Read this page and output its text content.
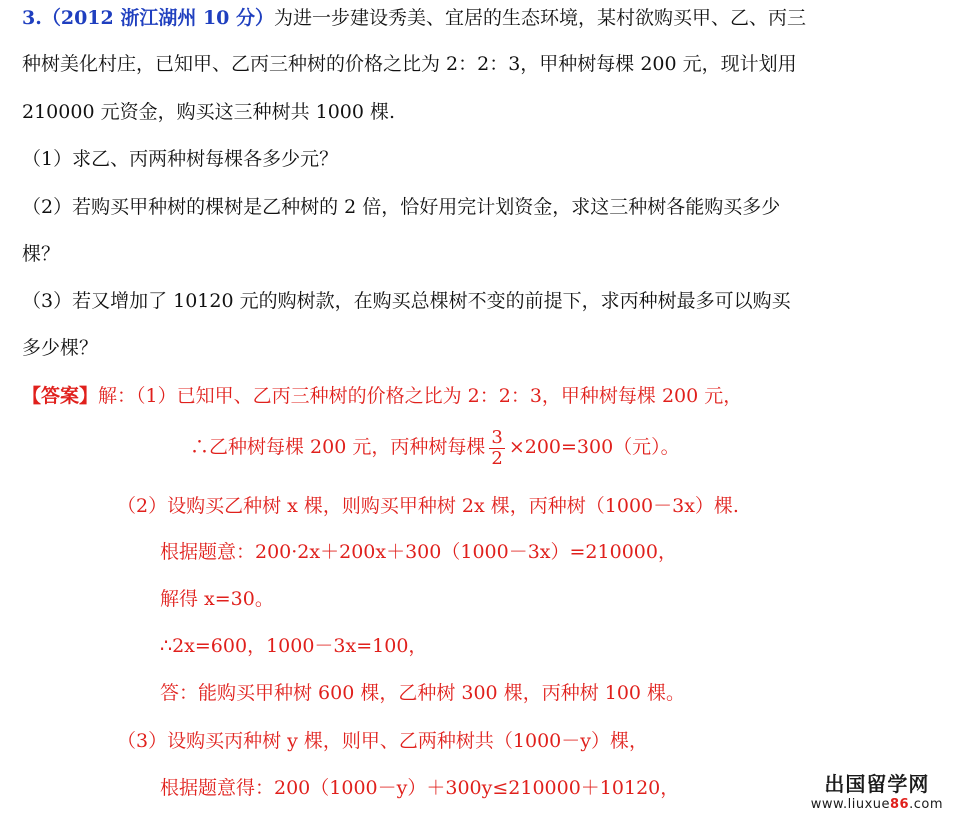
3.（2012 浙江湖州 10 分）为进一步建设秀美、宜居的生态环境，某村欲购买甲、乙、丙三
种树美化村庄，已知甲、乙丙三种树的价格之比为 2：2：3，甲种树每棵 200 元，现计划用
210000 元资金，购买这三种树共 1000 棵.
（1）求乙、丙两种树每棵各多少元？
（2）若购买甲种树的棵树是乙种树的 2 倍，恰好用完计划资金，求这三种树各能购买多少
棵？
（3）若又增加了 10120 元的购树款，在购买总棵树不变的前提下，求丙种树最多可以购买
多少棵？
【答案】解：（1）已知甲、乙丙三种树的价格之比为 2：2：3，甲种树每棵 200 元，
∴乙种树每棵 200 元，丙种树每棵 $\frac{3}{2} \times 200=300$（元）。
（2）设购买乙种树 x 棵，则购买甲种树 2x 棵，丙种树（1000－3x）棵.
根据题意：200·2x＋200x＋300（1000－3x）=210000，
解得 x=30。
∴2x=600，1000－3x=100，
答：能购买甲种树 600 棵，乙种树 300 棵，丙种树 100 棵。
（3）设购买丙种树 y 棵，则甲、乙两种树共（1000－y）棵，
根据题意得：200（1000－y）＋300y≤210000＋10120，	出国留学网
www.liuxue86.com
